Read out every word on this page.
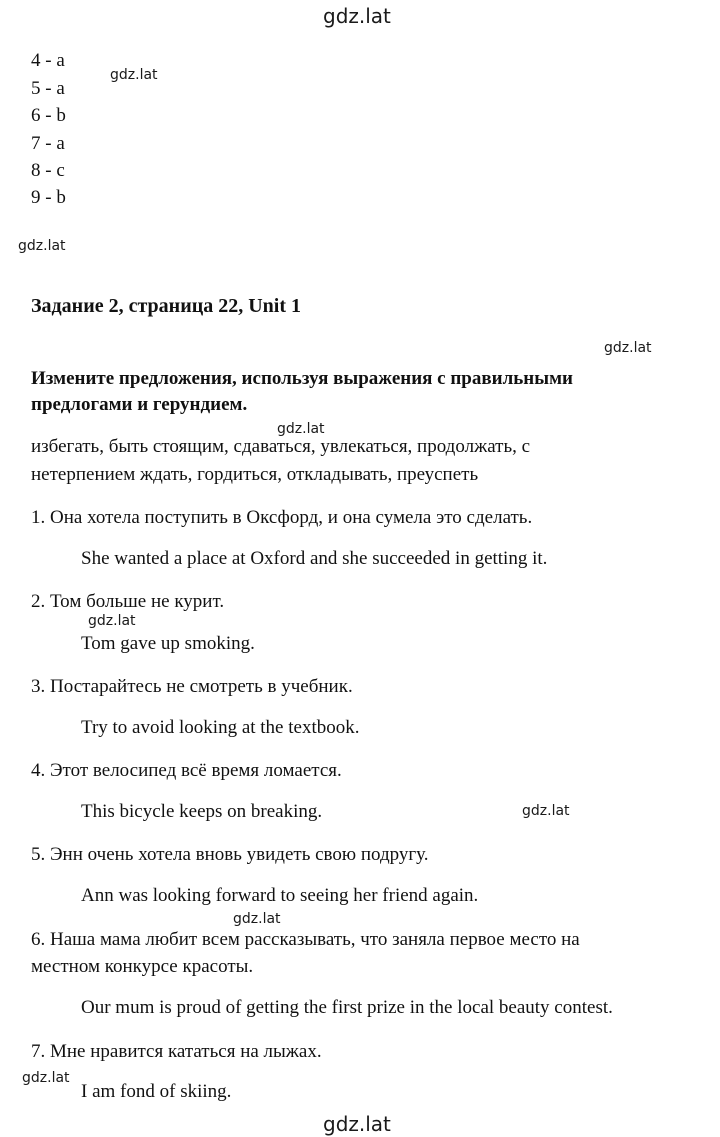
gdz.lat
gdz.lat
gdz.lat
gdz.lat
gdz.lat
gdz.lat
gdz.lat
gdz.lat
gdz.lat
gdz.lat
4 - a
5 - a
6 - b
7 - a
8 - c
9 - b
Задание 2, страница 22, Unit 1
Измените предложения, используя выражения с правильными
предлогами и герундием.
избегать, быть стоящим, сдаваться, увлекаться, продолжать, с
нетерпением ждать, гордиться, откладывать, преуспеть
1. Она хотела поступить в Оксфорд, и она сумела это сделать.
She wanted a place at Oxford and she succeeded in getting it.
2. Том больше не курит.
Tom gave up smoking.
3. Постарайтесь не смотреть в учебник.
Try to avoid looking at the textbook.
4. Этот велосипед всё время ломается.
This bicycle keeps on breaking.
5. Энн очень хотела вновь увидеть свою подругу.
Ann was looking forward to seeing her friend again.
6. Наша мама любит всем рассказывать, что заняла первое место на
местном конкурсе красоты.
Our mum is proud of getting the first prize in the local beauty contest.
7. Мне нравится кататься на лыжах.
I am fond of skiing.
